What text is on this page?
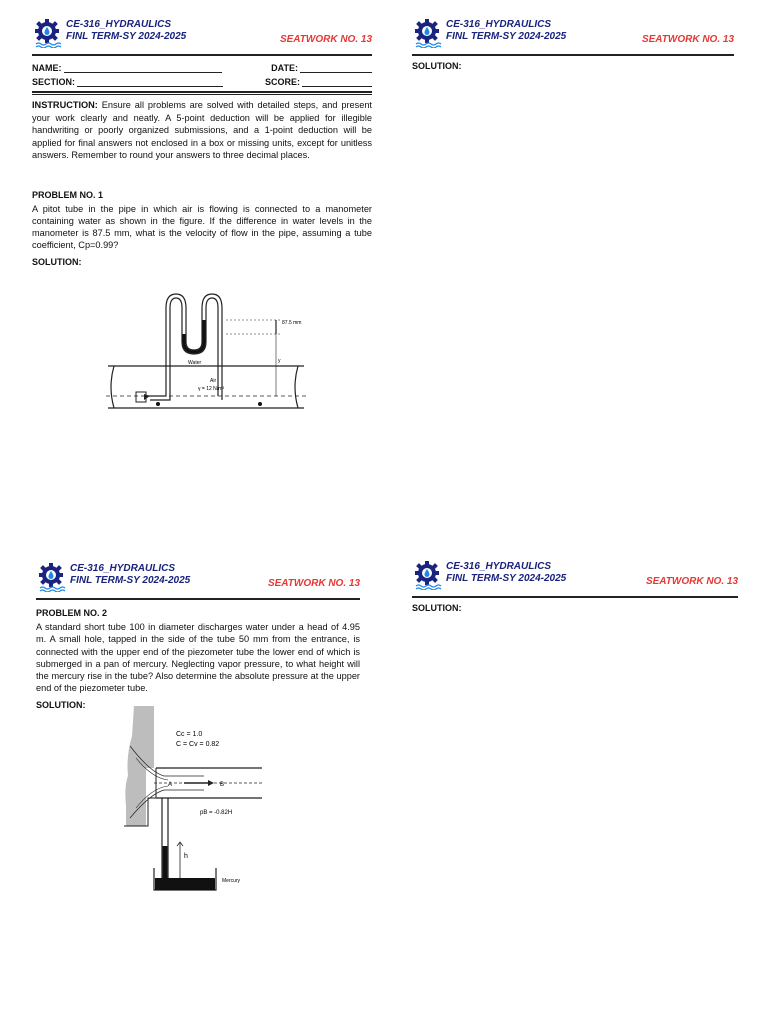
CE-316_HYDRAULICS
FINL TERM-SY 2024-2025	SEATWORK NO. 13
NAME:	DATE:
SECTION:	SCORE:
INSTRUCTION: Ensure all problems are solved with detailed steps, and present your work clearly and neatly. A 5-point deduction will be applied for illegible handwriting or poorly organized submissions, and a 1-point deduction will be applied for final answers not enclosed in a box or missing units, except for unitless answers. Remember to round your answers to three decimal places.
PROBLEM NO. 1
A pitot tube in the pipe in which air is flowing is connected to a manometer containing water as shown in the figure. If the difference in water levels in the manometer is 87.5 mm, what is the velocity of flow in the pipe, assuming a tube coefficient, Cp=0.99?
SOLUTION:
87.5 mm
y
Water
Air
γ = 12 N/m³
CE-316_HYDRAULICS
FINL TERM-SY 2024-2025	SEATWORK NO. 13
SOLUTION:
CE-316_HYDRAULICS
FINL TERM-SY 2024-2025	SEATWORK NO. 13
PROBLEM NO. 2
A standard short tube 100 in diameter discharges water under a head of 4.95 m. A small hole, tapped in the side of the tube 50 mm from the entrance, is connected with the upper end of the piezometer tube the lower end of which is submerged in a pan of mercury. Neglecting vapor pressure, to what height will the mercury rise in the tube? Also determine the absolute pressure at the upper end of the piezometer tube.
SOLUTION:
A	B
Cc = 1.0
C = Cv = 0.82
pB = -0.82H
h
Mercury
CE-316_HYDRAULICS
FINL TERM-SY 2024-2025	SEATWORK NO. 13
SOLUTION:
